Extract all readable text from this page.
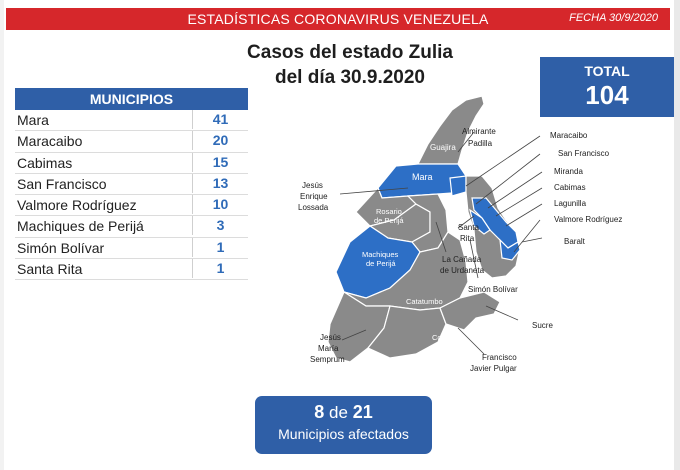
ESTADÍSTICAS CORONAVIRUS VENEZUELA	FECHA 30/9/2020
Casos del estado Zulia
del día 30.9.2020	TOTAL
104
MUNICIPIOS
Mara	41
Maracaibo	20
Cabimas	15
San Francisco	13
Valmore Rodríguez	10
Machiques de Perijá	3
Simón Bolívar	1
Santa Rita	1
Guajira
Mara
Rosario
de Perijá
Machiques
de Perijá
Catatumbo
Colón
Almirante
Padilla
Maracaibo
San Francisco
Miranda
Cabimas
Lagunilla
Valmore Rodríguez
Baralt
Jesús
Enrique
Lossada
Santa
Rita
La Cañada
de Urdaneta
Simón Bolívar
Sucre
Jesús
María
Semprum	Francisco
Javier Pulgar
8 de 21
Municipios afectados
